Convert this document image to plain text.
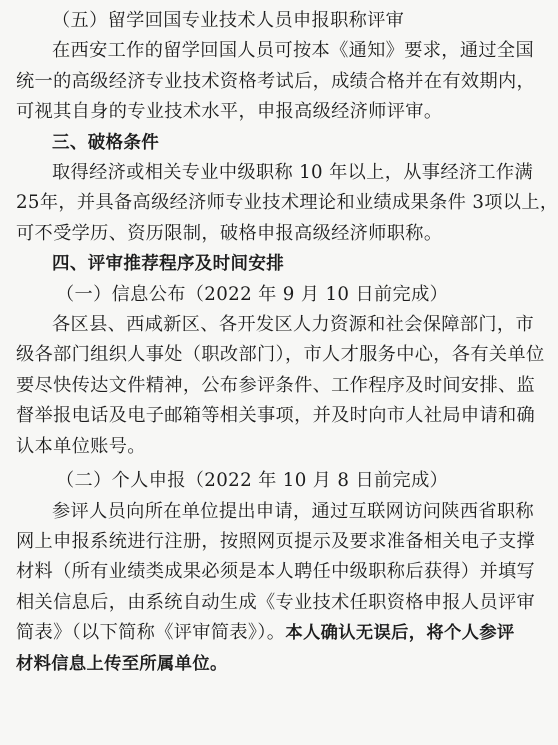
（五）留学回国专业技术人员申报职称评审
在西安工作的留学回国人员可按本《通知》要求，通过全国
统一的高级经济专业技术资格考试后，成绩合格并在有效期内，
可视其自身的专业技术水平，申报高级经济师评审。
三、破格条件
取得经济或相关专业中级职称 10 年以上，从事经济工作满
25年，并具备高级经济师专业技术理论和业绩成果条件 3项以上，
可不受学历、资历限制，破格申报高级经济师职称。
四、评审推荐程序及时间安排
（一）信息公布（2022 年 9 月 10 日前完成）
各区县、西咸新区、各开发区人力资源和社会保障部门，市
级各部门组织人事处（职改部门），市人才服务中心，各有关单位
要尽快传达文件精神，公布参评条件、工作程序及时间安排、监
督举报电话及电子邮箱等相关事项，并及时向市人社局申请和确
认本单位账号。
（二）个人申报（2022 年 10 月 8 日前完成）
参评人员向所在单位提出申请，通过互联网访问陕西省职称
网上申报系统进行注册，按照网页提示及要求准备相关电子支撑
材料（所有业绩类成果必须是本人聘任中级职称后获得）并填写
相关信息后，由系统自动生成《专业技术任职资格申报人员评审
简表》（以下简称《评审简表》）。本人确认无误后，将个人参评
材料信息上传至所属单位。
